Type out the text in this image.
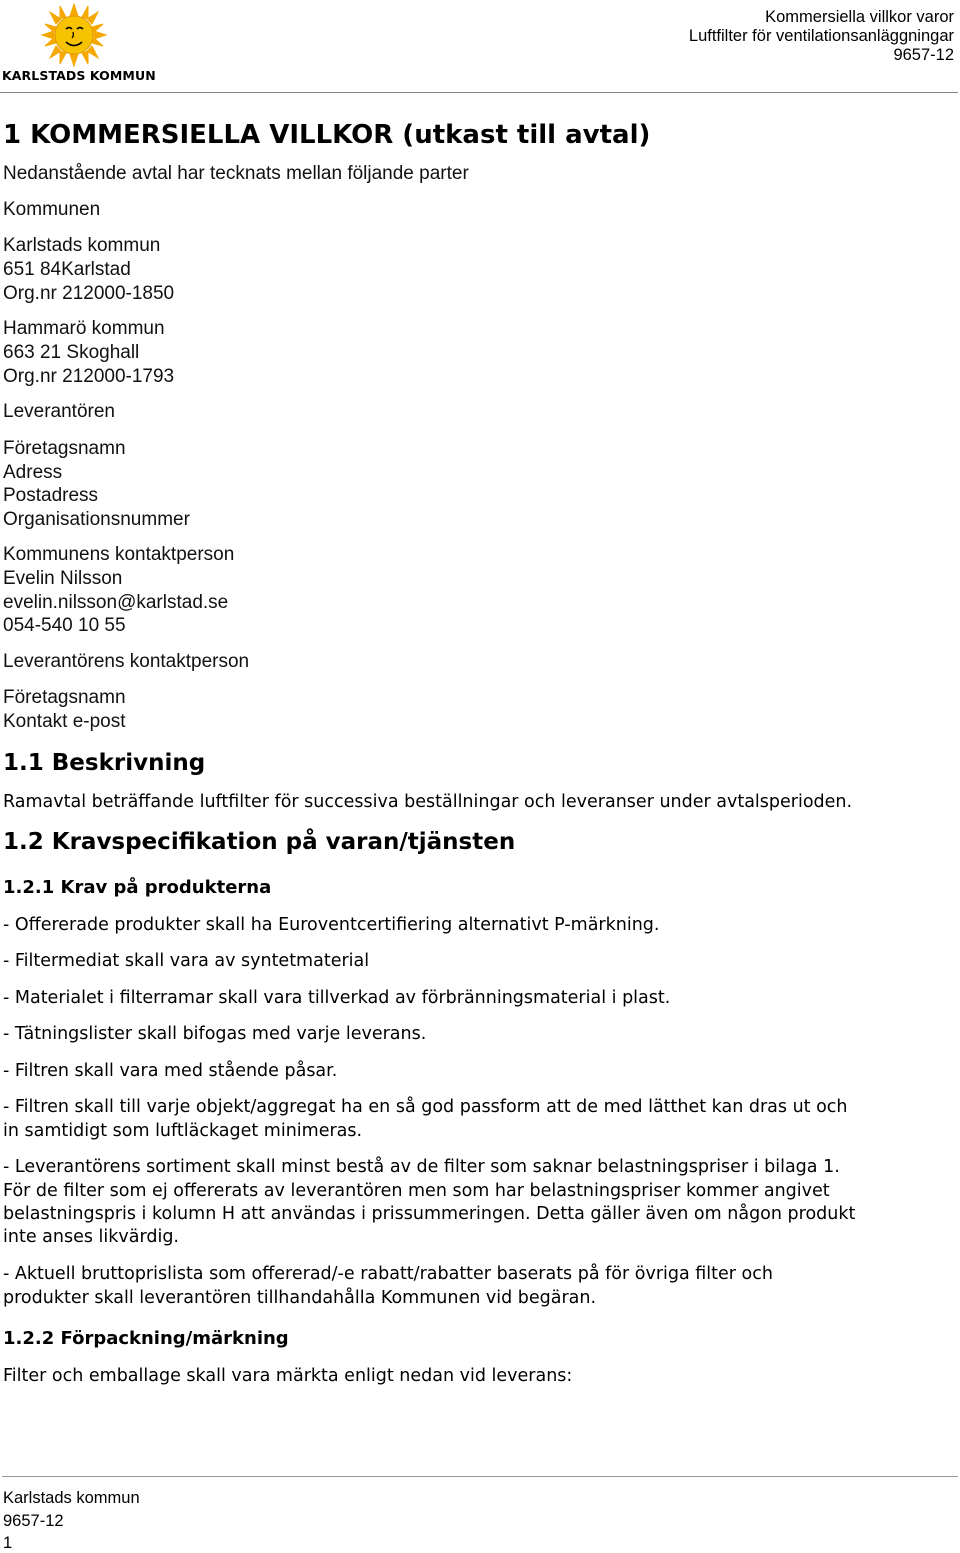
KARLSTADS KOMMUN
Kommersiella villkor varor
Luftfilter för ventilationsanläggningar
9657-12
1 KOMMERSIELLA VILLKOR (utkast till avtal)
Nedanstående avtal har tecknats mellan följande parter
Kommunen
Karlstads kommun
651 84Karlstad
Org.nr 212000-1850
Hammarö kommun
663 21 Skoghall
Org.nr 212000-1793
Leverantören
Företagsnamn
Adress
Postadress
Organisationsnummer
Kommunens kontaktperson
Evelin Nilsson
evelin.nilsson@karlstad.se
054-540 10 55
Leverantörens kontaktperson
Företagsnamn
Kontakt e-post
1.1 Beskrivning
Ramavtal beträffande luftfilter för successiva beställningar och leveranser under avtalsperioden.
1.2 Kravspecifikation på varan/tjänsten
1.2.1 Krav på produkterna
- Offererade produkter skall ha Euroventcertifiering alternativt P-märkning.
- Filtermediat skall vara av syntetmaterial
- Materialet i filterramar skall vara tillverkad av förbränningsmaterial i plast.
- Tätningslister skall bifogas med varje leverans.
- Filtren skall vara med stående påsar.
- Filtren skall till varje objekt/aggregat ha en så god passform att de med lätthet kan dras ut och
in samtidigt som luftläckaget minimeras.
- Leverantörens sortiment skall minst bestå av de filter som saknar belastningspriser i bilaga 1.
För de filter som ej offererats av leverantören men som har belastningspriser kommer angivet
belastningspris i kolumn H att användas i prissummeringen. Detta gäller även om någon produkt
inte anses likvärdig.
- Aktuell bruttoprislista som offererad/-e rabatt/rabatter baserats på för övriga filter och
produkter skall leverantören tillhandahålla Kommunen vid begäran.
1.2.2 Förpackning/märkning
Filter och emballage skall vara märkta enligt nedan vid leverans:
Karlstads kommun
9657-12
1
